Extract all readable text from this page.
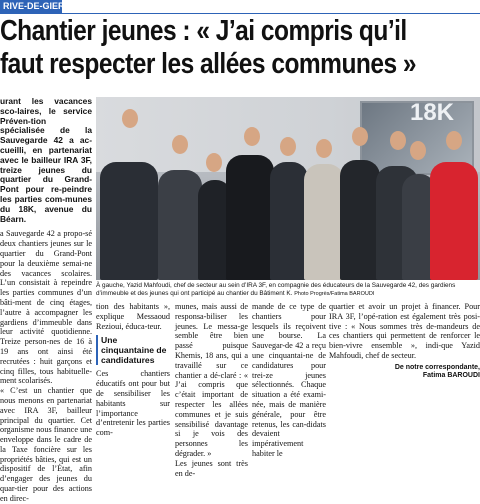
RIVE-DE-GIER
Chantier jeunes : « J’ai compris qu’il
faut respecter les allées communes »

urant les vacances sco-laires, le service Préven-tion spécialisée de la Sauvegarde 42 a ac-cueilli, en partenariat avec le bailleur IRA 3F, treize jeunes du quartier du Grand-Pont pour re-peindre les parties com-munes du 18K, avenue du Béarn.

a Sauvegarde 42 a propo-sé deux chantiers jeunes sur le quartier du Grand-Pont pour la deuxième semai-ne des vacances scolaires. L’un consistait à repeindre les parties communes d’un bâti-ment de cinq étages, l’autre à accompagner les gardiens d’immeuble dans leur activité quotidienne. Treize person-nes de 16 à 19 ans ont ainsi été recrutées : huit garçons et cinq filles, tous habituelle-ment scolarisés.

« C’est un chantier que nous menons en partenariat avec IRA 3F, bailleur principal du quartier. Cet organisme nous finance une enveloppe dans le cadre de la Taxe foncière sur les propriétés bâties, qui est un dispositif de l’État, afin d’engager des jeunes du quar-tier pour des actions en direc-

18K
À gauche, Yazid Mahfoudi, chef de secteur au sein d’IRA 3F, en compagnie des éducateurs de la Sauvegarde 42, des gardiens d’immeuble et des jeunes qui ont participé au chantier du Bâtiment K. Photo Progrès/Fatima BAROUDI

tion des habitants », explique Messaoud Rezioui, éduca-teur.

Une cinquantaine de candidatures

Ces chantiers éducatifs ont pour but de sensibiliser les habitants sur l’importance d’entretenir les parties com-

munes, mais aussi de responsa-biliser les jeunes. Le messa-ge semble être bien passé puisque Khemis, 18 ans, qui a travaillé sur ce chantier a dé-claré : « J’ai compris que c’était important de respecter les allées communes et je suis sensibilisé davantage si je vois des personnes les dégrader. »

Les jeunes sont très en de-

mande de ce type de chantiers pour lesquels ils reçoivent une bourse. La Sauvegar-de 42 a reçu une cinquantai-ne de candidatures pour trei-ze jeunes sélectionnés. Chaque situation a été exami-née, mais de manière générale, pour être retenus, les can-didats devaient impérativement habiter le

quartier et avoir un projet à financer. Pour IRA 3F, l’opé-ration est également très posi-tive : « Nous sommes très de-mandeurs de ces chantiers qui permettent de renforcer le bien-vivre ensemble », indi-que Yazid Mahfoudi, chef de secteur.

De notre correspondante,
Fatima BAROUDI
